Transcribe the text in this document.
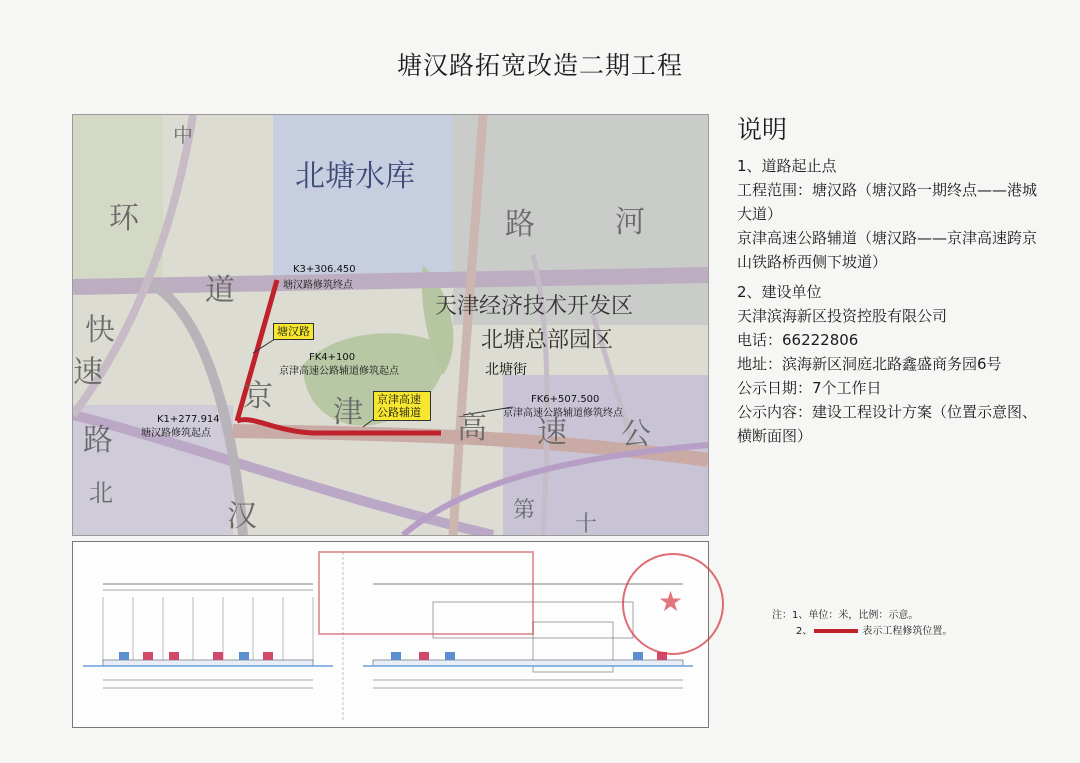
塘汉路拓宽改造二期工程
北塘水库
天津经济技术开发区
北塘总部园区
北塘街
中
环
道
快
速
路
路
河
京 津	高 速 公
汉
北
第
十
K3+306.450
塘汉路修筑终点
FK4+100
京津高速公路辅道修筑起点
K1+277.914
塘汉路修筑起点
FK6+507.500
京津高速公路辅道修筑终点
塘汉路
京津高速公路辅道
说明
1、道路起止点
工程范围：塘汉路（塘汉路一期终点——港城大道）
京津高速公路辅道（塘汉路——京津高速跨京山铁路桥西侧下坡道）
2、建设单位
天津滨海新区投资控股有限公司
电话：66222806
地址：滨海新区洞庭北路鑫盛商务园6号
公示日期：7个工作日
公示内容：建设工程设计方案（位置示意图、横断面图）
★	注：1、单位：米，比例：示意。
2、	表示工程修筑位置。
